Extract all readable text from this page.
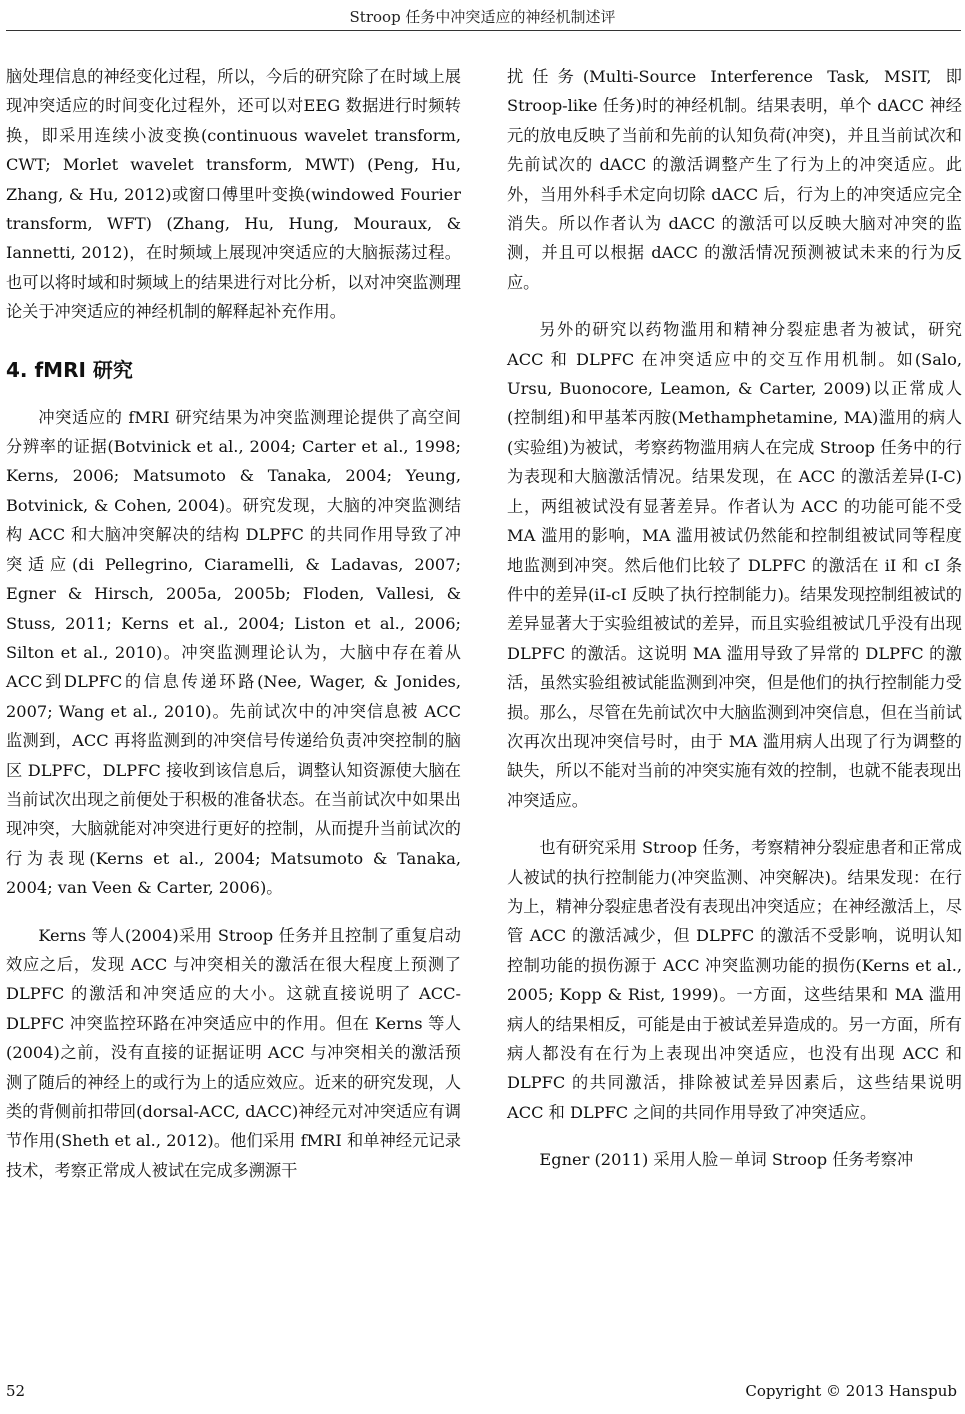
Stroop 任务中冲突适应的神经机制述评

脑处理信息的神经变化过程，所以，今后的研究除了在时域上展现冲突适应的时间变化过程外，还可以对EEG 数据进行时频转换，即采用连续小波变换(continuous wavelet transform, CWT; Morlet wavelet transform, MWT) (Peng, Hu, Zhang, & Hu, 2012)或窗口傅里叶变换(windowed Fourier transform, WFT) (Zhang, Hu, Hung, Mouraux, & Iannetti, 2012)，在时频域上展现冲突适应的大脑振荡过程。也可以将时域和时频域上的结果进行对比分析，以对冲突监测理论关于冲突适应的神经机制的解释起补充作用。

4. fMRI 研究

冲突适应的 fMRI 研究结果为冲突监测理论提供了高空间分辨率的证据(Botvinick et al., 2004; Carter et al., 1998; Kerns, 2006; Matsumoto & Tanaka, 2004; Yeung, Botvinick, & Cohen, 2004)。研究发现，大脑的冲突监测结构 ACC 和大脑冲突解决的结构 DLPFC 的共同作用导致了冲突适应(di Pellegrino, Ciaramelli, & Ladavas, 2007; Egner & Hirsch, 2005a, 2005b; Floden, Vallesi, & Stuss, 2011; Kerns et al., 2004; Liston et al., 2006; Silton et al., 2010)。冲突监测理论认为，大脑中存在着从ACC到DLPFC的信息传递环路(Nee, Wager, & Jonides, 2007; Wang et al., 2010)。先前试次中的冲突信息被 ACC 监测到，ACC 再将监测到的冲突信号传递给负责冲突控制的脑区 DLPFC，DLPFC 接收到该信息后，调整认知资源使大脑在当前试次出现之前便处于积极的准备状态。在当前试次中如果出现冲突，大脑就能对冲突进行更好的控制，从而提升当前试次的行为表现(Kerns et al., 2004; Matsumoto & Tanaka, 2004; van Veen & Carter, 2006)。

Kerns 等人(2004)采用 Stroop 任务并且控制了重复启动效应之后，发现 ACC 与冲突相关的激活在很大程度上预测了 DLPFC 的激活和冲突适应的大小。这就直接说明了 ACC-DLPFC 冲突监控环路在冲突适应中的作用。但在 Kerns 等人(2004)之前，没有直接的证据证明 ACC 与冲突相关的激活预测了随后的神经上的或行为上的适应效应。近来的研究发现，人类的背侧前扣带回(dorsal-ACC, dACC)神经元对冲突适应有调节作用(Sheth et al., 2012)。他们采用 fMRI 和单神经元记录技术，考察正常成人被试在完成多溯源干

扰任务(Multi-Source Interference Task, MSIT, 即 Stroop-like 任务)时的神经机制。结果表明，单个 dACC 神经元的放电反映了当前和先前的认知负荷(冲突)，并且当前试次和先前试次的 dACC 的激活调整产生了行为上的冲突适应。此外，当用外科手术定向切除 dACC 后，行为上的冲突适应完全消失。所以作者认为 dACC 的激活可以反映大脑对冲突的监测，并且可以根据 dACC 的激活情况预测被试未来的行为反应。

另外的研究以药物滥用和精神分裂症患者为被试，研究 ACC 和 DLPFC 在冲突适应中的交互作用机制。如(Salo, Ursu, Buonocore, Leamon, & Carter, 2009)以正常成人(控制组)和甲基苯丙胺(Methamphetamine, MA)滥用的病人(实验组)为被试，考察药物滥用病人在完成 Stroop 任务中的行为表现和大脑激活情况。结果发现，在 ACC 的激活差异(I-C)上，两组被试没有显著差异。作者认为 ACC 的功能可能不受 MA 滥用的影响，MA 滥用被试仍然能和控制组被试同等程度地监测到冲突。然后他们比较了 DLPFC 的激活在 iI 和 cI 条件中的差异(iI-cI 反映了执行控制能力)。结果发现控制组被试的差异显著大于实验组被试的差异，而且实验组被试几乎没有出现 DLPFC 的激活。这说明 MA 滥用导致了异常的 DLPFC 的激活，虽然实验组被试能监测到冲突，但是他们的执行控制能力受损。那么，尽管在先前试次中大脑监测到冲突信息，但在当前试次再次出现冲突信号时，由于 MA 滥用病人出现了行为调整的缺失，所以不能对当前的冲突实施有效的控制，也就不能表现出冲突适应。

也有研究采用 Stroop 任务，考察精神分裂症患者和正常成人被试的执行控制能力(冲突监测、冲突解决)。结果发现：在行为上，精神分裂症患者没有表现出冲突适应；在神经激活上，尽管 ACC 的激活减少，但 DLPFC 的激活不受影响，说明认知控制功能的损伤源于 ACC 冲突监测功能的损伤(Kerns et al., 2005; Kopp & Rist, 1999)。一方面，这些结果和 MA 滥用病人的结果相反，可能是由于被试差异造成的。另一方面，所有病人都没有在行为上表现出冲突适应，也没有出现 ACC 和 DLPFC 的共同激活，排除被试差异因素后，这些结果说明 ACC 和 DLPFC 之间的共同作用导致了冲突适应。

Egner (2011) 采用人脸－单词 Stroop 任务考察冲

52	Copyright © 2013 Hanspub
